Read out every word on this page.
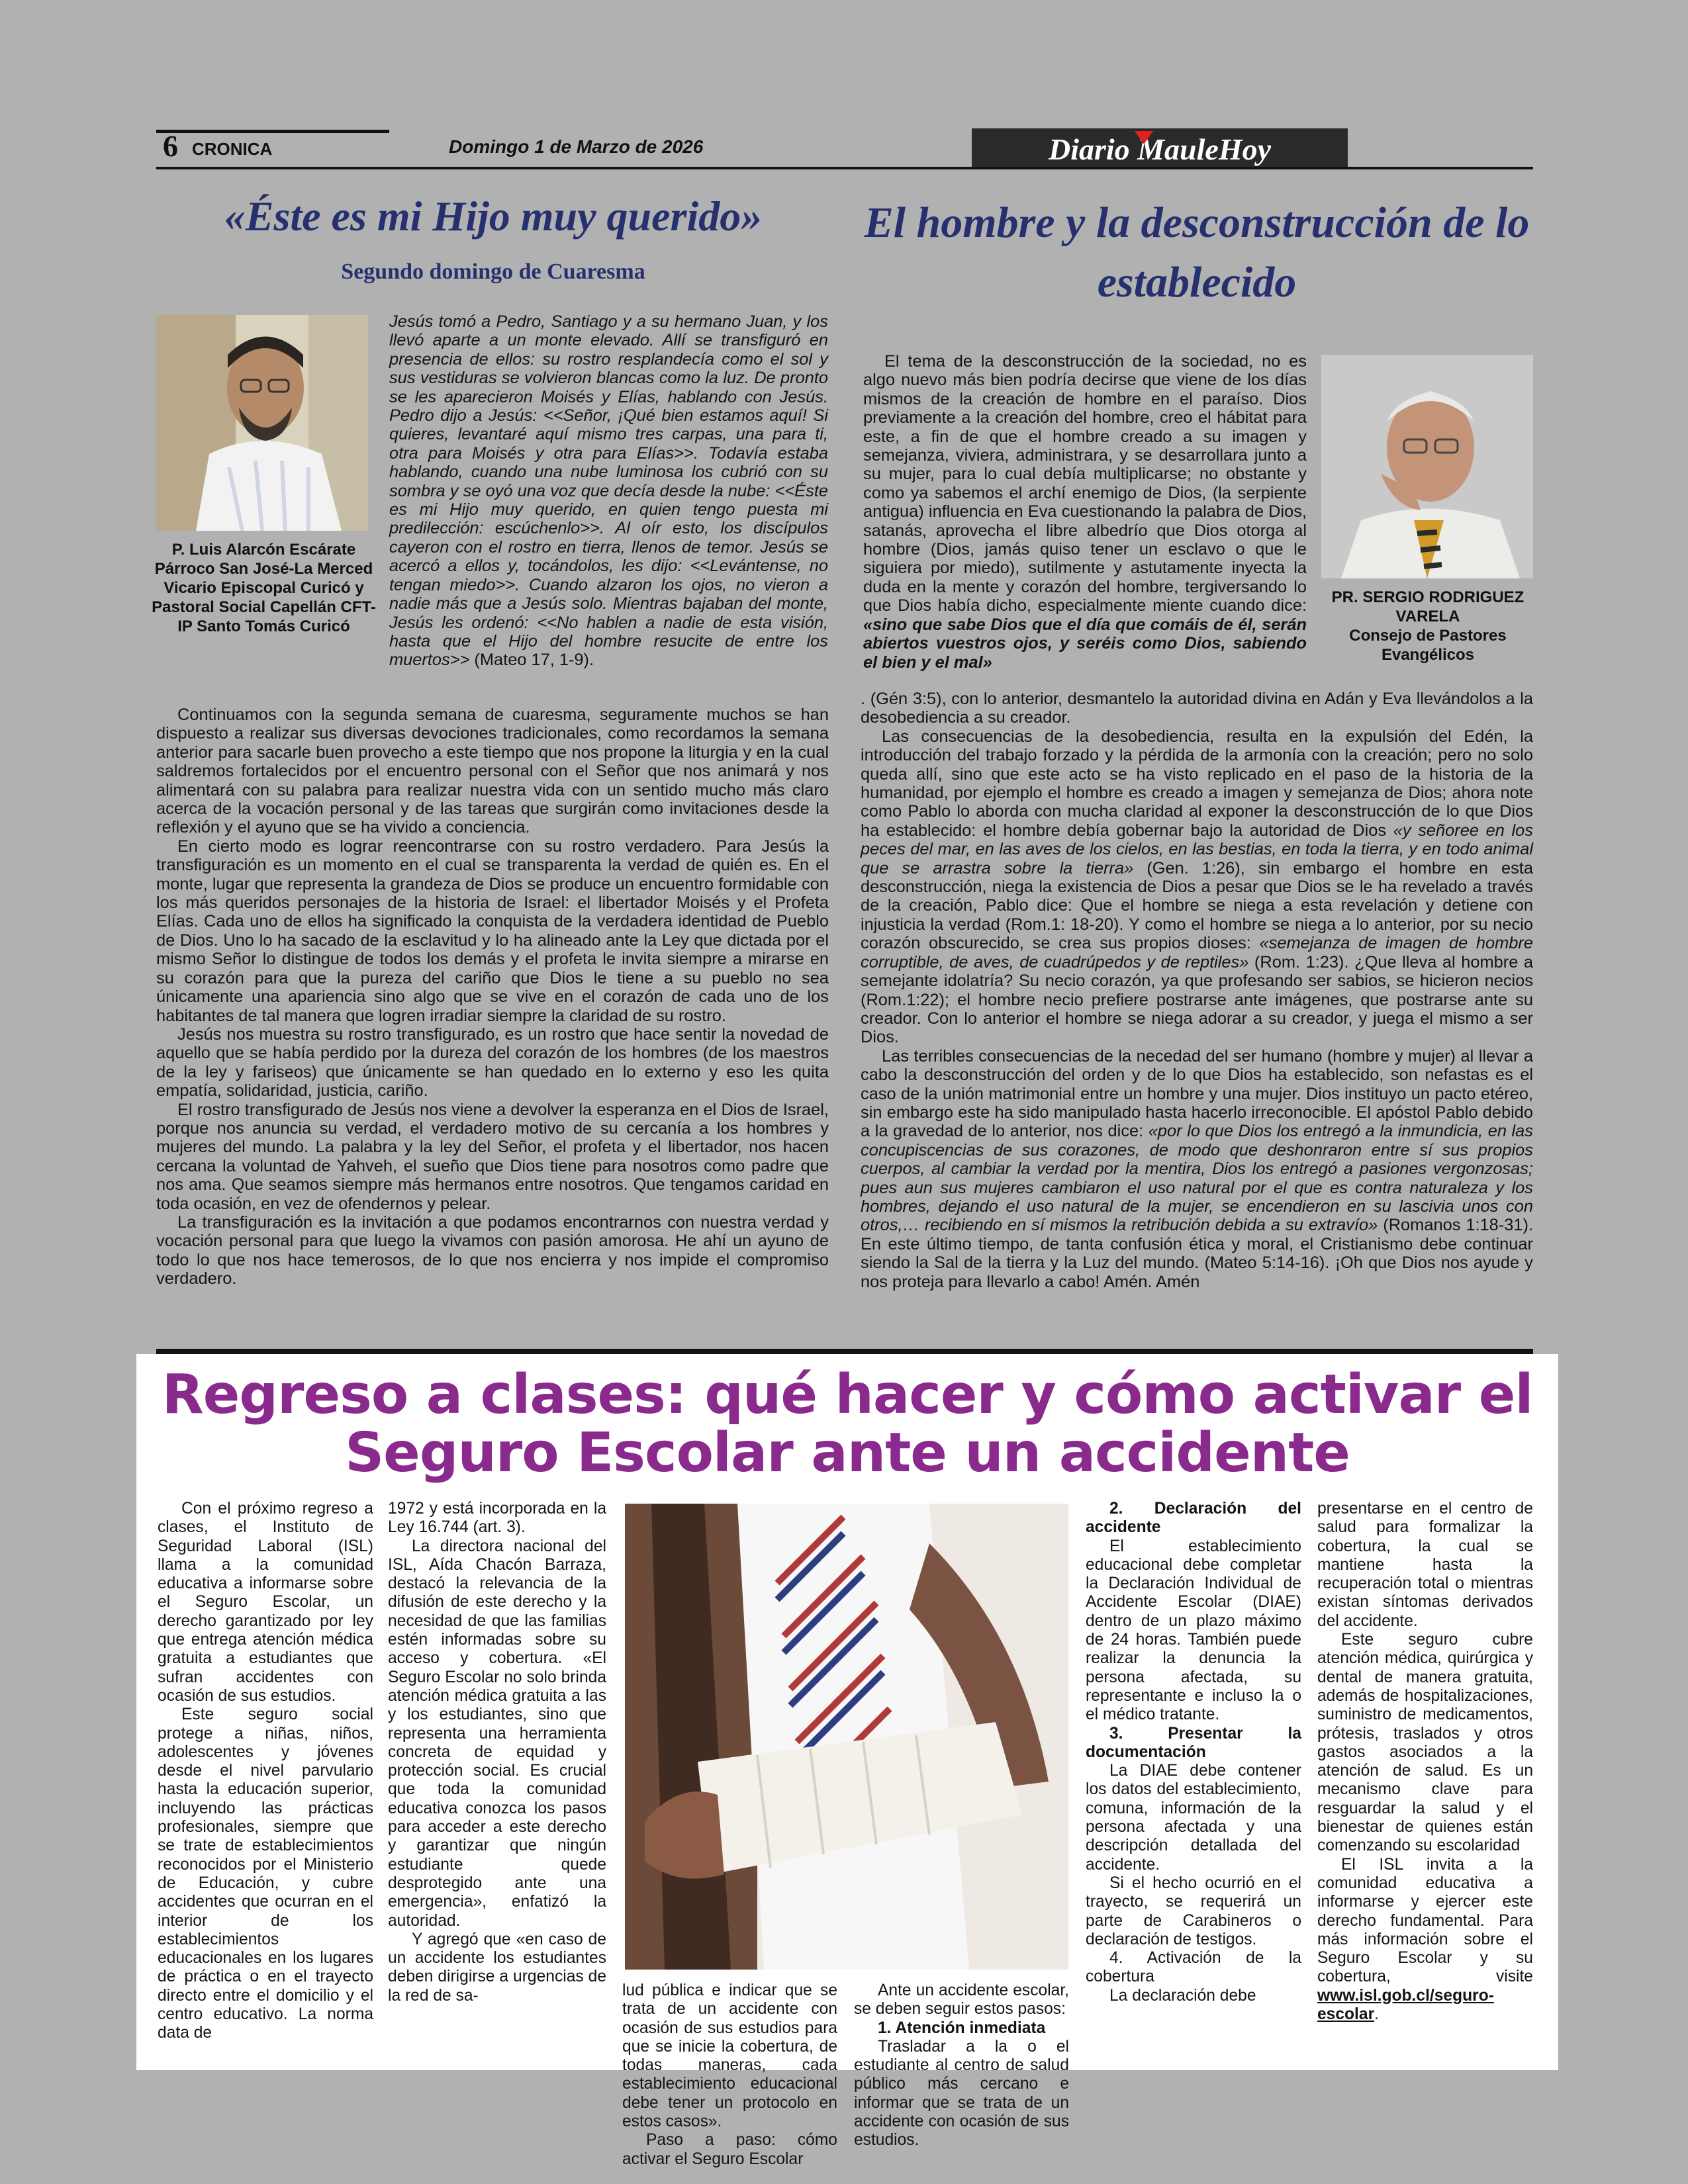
6 CRONICA	Domingo 1 de Marzo de 2026	Diario MauleHoy
«Éste es mi Hijo muy querido»
Segundo domingo de Cuaresma
P. Luis Alarcón Escárate Párroco San José-La Merced Vicario Episcopal Curicó y Pastoral Social Capellán CFT-IP Santo Tomás Curicó

Jesús tomó a Pedro, Santiago y a su hermano Juan, y los llevó aparte a un monte elevado. Allí se transfiguró en presencia de ellos: su rostro resplandecía como el sol y sus vestiduras se volvieron blancas como la luz. De pronto se les aparecieron Moisés y Elías, hablando con Jesús. Pedro dijo a Jesús: <<Señor, ¡Qué bien estamos aquí! Si quieres, levantaré aquí mismo tres carpas, una para ti, otra para Moisés y otra para Elías>>. Todavía estaba hablando, cuando una nube luminosa los cubrió con su sombra y se oyó una voz que decía desde la nube: <<Éste es mi Hijo muy querido, en quien tengo puesta mi predilección: escúchenlo>>. Al oír esto, los discípulos cayeron con el rostro en tierra, llenos de temor. Jesús se acercó a ellos y, tocándolos, les dijo: <<Levántense, no tengan miedo>>. Cuando alzaron los ojos, no vieron a nadie más que a Jesús solo. Mientras bajaban del monte, Jesús les ordenó: <<No hablen a nadie de esta visión, hasta que el Hijo del hombre resucite de entre los muertos>> (Mateo 17, 1-9).

Continuamos con la segunda semana de cuaresma, seguramente muchos se han dispuesto a realizar sus diversas devociones tradicionales, como recordamos la semana anterior para sacarle buen provecho a este tiempo que nos propone la liturgia y en la cual saldremos fortalecidos por el encuentro personal con el Señor que nos animará y nos alimentará con su palabra para realizar nuestra vida con un sentido mucho más claro acerca de la vocación personal y de las tareas que surgirán como invitaciones desde la reflexión y el ayuno que se ha vivido a conciencia.

En cierto modo es lograr reencontrarse con su rostro verdadero. Para Jesús la transfiguración es un momento en el cual se transparenta la verdad de quién es. En el monte, lugar que representa la grandeza de Dios se produce un encuentro formidable con los más queridos personajes de la historia de Israel: el libertador Moisés y el Profeta Elías. Cada uno de ellos ha significado la conquista de la verdadera identidad de Pueblo de Dios. Uno lo ha sacado de la esclavitud y lo ha alineado ante la Ley que dictada por el mismo Señor lo distingue de todos los demás y el profeta le invita siempre a mirarse en su corazón para que la pureza del cariño que Dios le tiene a su pueblo no sea únicamente una apariencia sino algo que se vive en el corazón de cada uno de los habitantes de tal manera que logren irradiar siempre la claridad de su rostro.

Jesús nos muestra su rostro transfigurado, es un rostro que hace sentir la novedad de aquello que se había perdido por la dureza del corazón de los hombres (de los maestros de la ley y fariseos) que únicamente se han quedado en lo externo y eso les quita empatía, solidaridad, justicia, cariño.

El rostro transfigurado de Jesús nos viene a devolver la esperanza en el Dios de Israel, porque nos anuncia su verdad, el verdadero motivo de su cercanía a los hombres y mujeres del mundo. La palabra y la ley del Señor, el profeta y el libertador, nos hacen cercana la voluntad de Yahveh, el sueño que Dios tiene para nosotros como padre que nos ama. Que seamos siempre más hermanos entre nosotros. Que tengamos caridad en toda ocasión, en vez de ofendernos y pelear.

La transfiguración es la invitación a que podamos encontrarnos con nuestra verdad y vocación personal para que luego la vivamos con pasión amorosa. He ahí un ayuno de todo lo que nos hace temerosos, de lo que nos encierra y nos impide el compromiso verdadero.

El hombre y la desconstrucción de lo establecido

El tema de la desconstrucción de la sociedad, no es algo nuevo más bien podría decirse que viene de los días mismos de la creación de hombre en el paraíso. Dios previamente a la creación del hombre, creo el hábitat para este, a fin de que el hombre creado a su imagen y semejanza, viviera, administrara, y se desarrollara junto a su mujer, para lo cual debía multiplicarse; no obstante y como ya sabemos el archí enemigo de Dios, (la serpiente antigua) influencia en Eva cuestionando la palabra de Dios, satanás, aprovecha el libre albedrío que Dios otorga al hombre (Dios, jamás quiso tener un esclavo o que le siguiera por miedo), sutilmente y astutamente inyecta la duda en la mente y corazón del hombre, tergiversando lo que Dios había dicho, especialmente miente cuando dice: «sino que sabe Dios que el día que comáis de él, serán abiertos vuestros ojos, y seréis como Dios, sabiendo el bien y el mal»

PR. SERGIO RODRIGUEZ VARELA
Consejo de Pastores Evangélicos

. (Gén 3:5), con lo anterior, desmantelo la autoridad divina en Adán y Eva llevándolos a la desobediencia a su creador.

Las consecuencias de la desobediencia, resulta en la expulsión del Edén, la introducción del trabajo forzado y la pérdida de la armonía con la creación; pero no solo queda allí, sino que este acto se ha visto replicado en el paso de la historia de la humanidad, por ejemplo el hombre es creado a imagen y semejanza de Dios; ahora note como Pablo lo aborda con mucha claridad al exponer la desconstrucción de lo que Dios ha establecido: el hombre debía gobernar bajo la autoridad de Dios «y señoree en los peces del mar, en las aves de los cielos, en las bestias, en toda la tierra, y en todo animal que se arrastra sobre la tierra» (Gen. 1:26), sin embargo el hombre en esta desconstrucción, niega la existencia de Dios a pesar que Dios se le ha revelado a través de la creación, Pablo dice: Que el hombre se niega a esta revelación y detiene con injusticia la verdad (Rom.1: 18-20). Y como el hombre se niega a lo anterior, por su necio corazón obscurecido, se crea sus propios dioses: «semejanza de imagen de hombre corruptible, de aves, de cuadrúpedos y de reptiles» (Rom. 1:23). ¿Que lleva al hombre a semejante idolatría? Su necio corazón, ya que profesando ser sabios, se hicieron necios (Rom.1:22); el hombre necio prefiere postrarse ante imágenes, que postrarse ante su creador. Con lo anterior el hombre se niega adorar a su creador, y juega el mismo a ser Dios.

Las terribles consecuencias de la necedad del ser humano (hombre y mujer) al llevar a cabo la desconstrucción del orden y de lo que Dios ha establecido, son nefastas es el caso de la unión matrimonial entre un hombre y una mujer. Dios instituyo un pacto etéreo, sin embargo este ha sido manipulado hasta hacerlo irreconocible. El apóstol Pablo debido a la gravedad de lo anterior, nos dice: «por lo que Dios los entregó a la inmundicia, en las concupiscencias de sus corazones, de modo que deshonraron entre sí sus propios cuerpos, al cambiar la verdad por la mentira, Dios los entregó a pasiones vergonzosas; pues aun sus mujeres cambiaron el uso natural por el que es contra naturaleza y los hombres, dejando el uso natural de la mujer, se encendieron en su lascivia unos con otros,… recibiendo en sí mismos la retribución debida a su extravío» (Romanos 1:18-31). En este último tiempo, de tanta confusión ética y moral, el Cristianismo debe continuar siendo la Sal de la tierra y la Luz del mundo. (Mateo 5:14-16). ¡Oh que Dios nos ayude y nos proteja para llevarlo a cabo! Amén. Amén

Regreso a clases: qué hacer y cómo activar el Seguro Escolar ante un accidente

Con el próximo regreso a clases, el Instituto de Seguridad Laboral (ISL) llama a la comunidad educativa a informarse sobre el Seguro Escolar, un derecho garantizado por ley que entrega atención médica gratuita a estudiantes que sufran accidentes con ocasión de sus estudios.

Este seguro social protege a niñas, niños, adolescentes y jóvenes desde el nivel parvulario hasta la educación superior, incluyendo las prácticas profesionales, siempre que se trate de establecimientos reconocidos por el Ministerio de Educación, y cubre accidentes que ocurran en el interior de los establecimientos educacionales en los lugares de práctica o en el trayecto directo entre el domicilio y el centro educativo. La norma data de

1972 y está incorporada en la Ley 16.744 (art. 3).

La directora nacional del ISL, Aída Chacón Barraza, destacó la relevancia de la difusión de este derecho y la necesidad de que las familias estén informadas sobre su acceso y cobertura. «El Seguro Escolar no solo brinda atención médica gratuita a las y los estudiantes, sino que representa una herramienta concreta de equidad y protección social. Es crucial que toda la comunidad educativa conozca los pasos para acceder a este derecho y garantizar que ningún estudiante quede desprotegido ante una emergencia», enfatizó la autoridad.

Y agregó que «en caso de un accidente los estudiantes deben dirigirse a urgencias de la red de sa-	lud pública e indicar que se trata de un accidente con ocasión de sus estudios para que se inicie la cobertura, de todas maneras, cada establecimiento educacional debe tener un protocolo en estos casos».

Paso a paso: cómo activar el Seguro Escolar

Ante un accidente escolar, se deben seguir estos pasos:

1. Atención inmediata

Trasladar a la o el estudiante al centro de salud público más cercano e informar que se trata de un accidente con ocasión de sus estudios.

2. Declaración del accidente

El establecimiento educacional debe completar la Declaración Individual de Accidente Escolar (DIAE) dentro de un plazo máximo de 24 horas. También puede realizar la denuncia la persona afectada, su representante e incluso la o el médico tratante.

3. Presentar la documentación

La DIAE debe contener los datos del establecimiento, comuna, información de la persona afectada y una descripción detallada del accidente.

Si el hecho ocurrió en el trayecto, se requerirá un parte de Carabineros o declaración de testigos.

4. Activación de la cobertura

La declaración debe

presentarse en el centro de salud para formalizar la cobertura, la cual se mantiene hasta la recuperación total o mientras existan síntomas derivados del accidente.

Este seguro cubre atención médica, quirúrgica y dental de manera gratuita, además de hospitalizaciones, suministro de medicamentos, prótesis, traslados y otros gastos asociados a la atención de salud. Es un mecanismo clave para resguardar la salud y el bienestar de quienes están comenzando su escolaridad

El ISL invita a la comunidad educativa a informarse y ejercer este derecho fundamental. Para más información sobre el Seguro Escolar y su cobertura, visite www.isl.gob.cl/seguro-escolar.
